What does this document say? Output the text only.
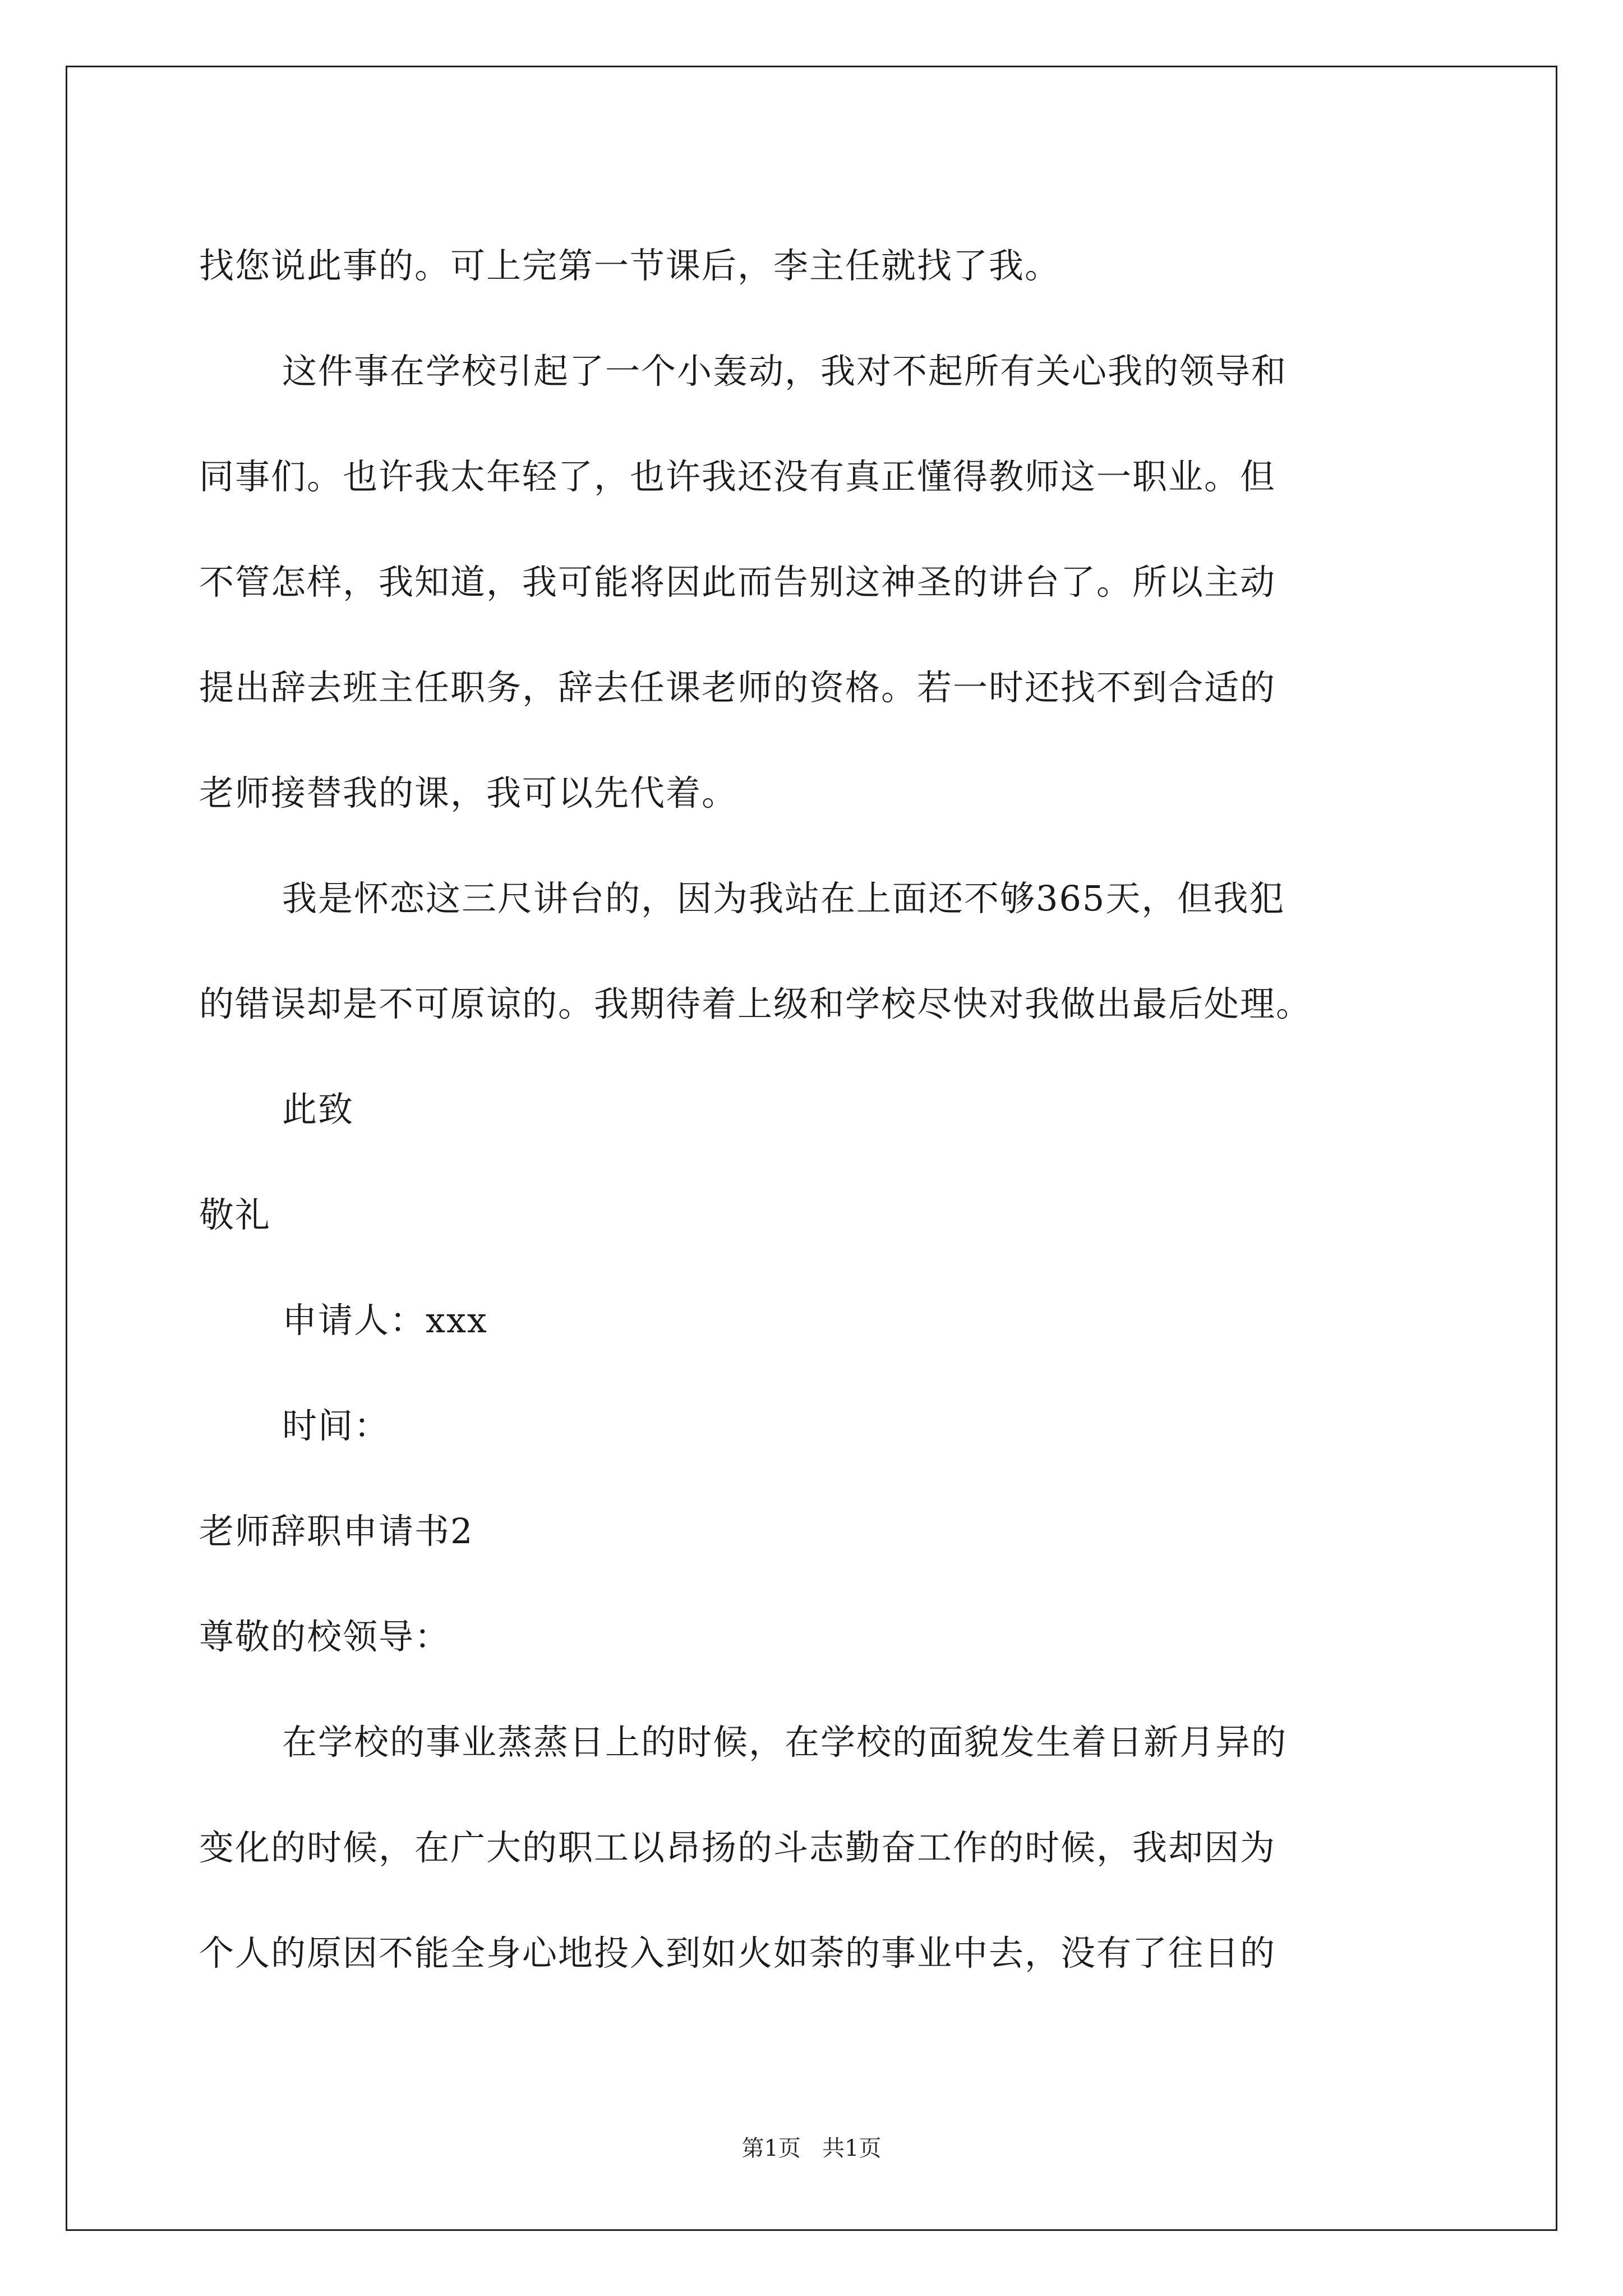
找您说此事的。可上完第一节课后，李主任就找了我。
这件事在学校引起了一个小轰动，我对不起所有关心我的领导和
同事们。也许我太年轻了，也许我还没有真正懂得教师这一职业。但
不管怎样，我知道，我可能将因此而告别这神圣的讲台了。所以主动
提出辞去班主任职务，辞去任课老师的资格。若一时还找不到合适的
老师接替我的课，我可以先代着。
我是怀恋这三尺讲台的，因为我站在上面还不够365天，但我犯
的错误却是不可原谅的。我期待着上级和学校尽快对我做出最后处理。
此致
敬礼
申请人：xxx
时间：
老师辞职申请书2
尊敬的校领导：
在学校的事业蒸蒸日上的时候，在学校的面貌发生着日新月异的
变化的时候，在广大的职工以昂扬的斗志勤奋工作的时候，我却因为
个人的原因不能全身心地投入到如火如荼的事业中去，没有了往日的
第1页   共1页
